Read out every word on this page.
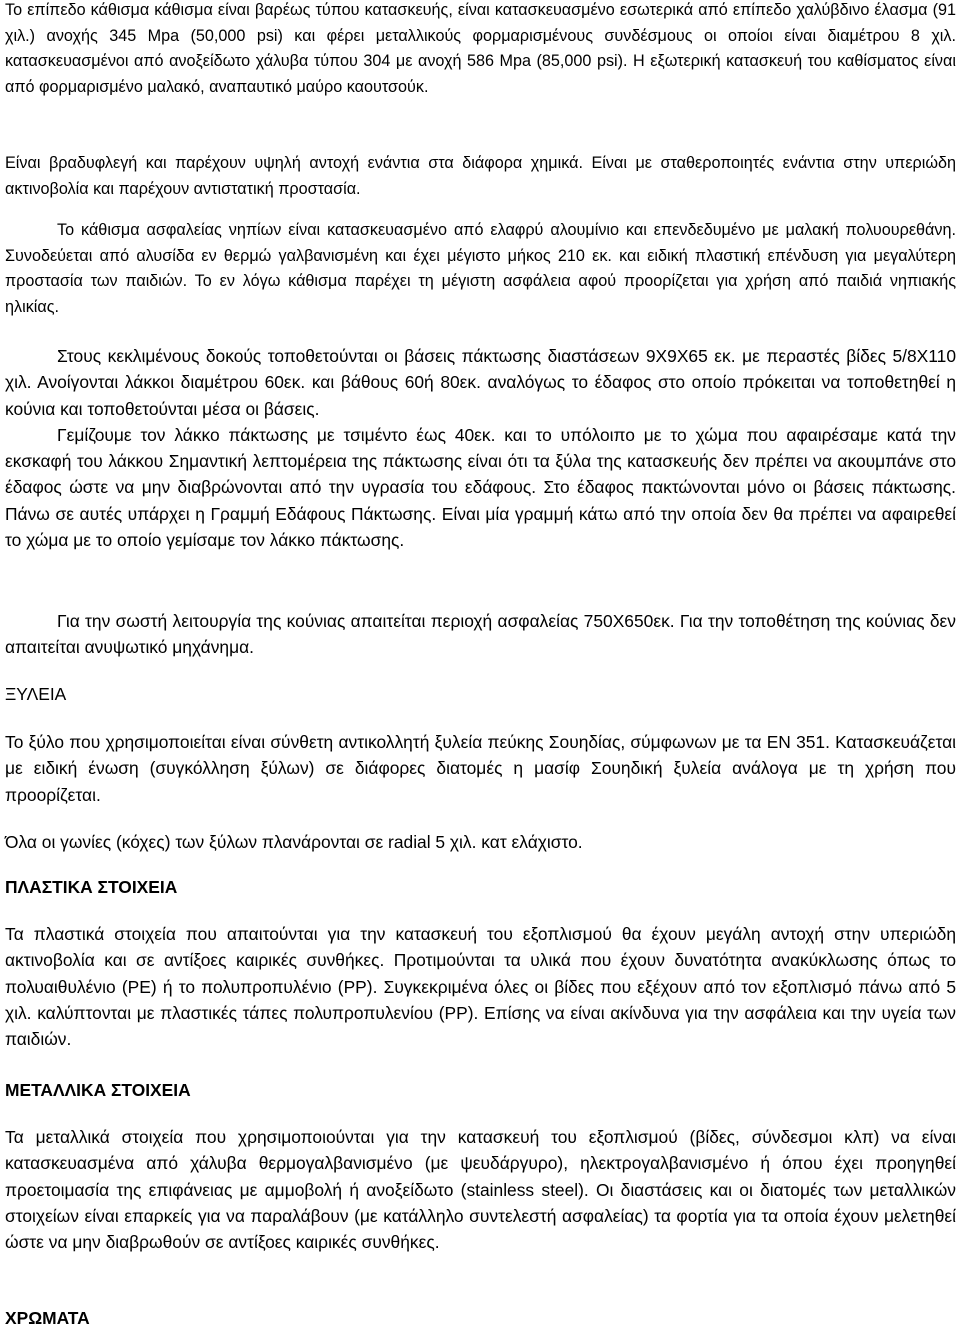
Το επίπεδο κάθισμα κάθισμα είναι βαρέως τύπου κατασκευής, είναι κατασκευασμένο εσωτερικά από επίπεδο χαλύβδινο έλασμα (91 χιλ.) ανοχής 345 Mpa (50,000 psi) και φέρει μεταλλικούς φορμαρισμένους συνδέσμους οι οποίοι είναι διαμέτρου 8 χιλ. κατασκευασμένοι από ανοξείδωτο χάλυβα τύπου 304 με ανοχή 586 Mpa (85,000 psi). Η εξωτερική κατασκευή του καθίσματος είναι από φορμαρισμένο μαλακό, αναπαυτικό μαύρο καουτσούκ.

Είναι βραδυφλεγή και παρέχουν υψηλή αντοχή ενάντια στα διάφορα χημικά. Είναι με σταθεροποιητές ενάντια στην υπεριώδη ακτινοβολία και παρέχουν αντιστατική προστασία.

Το κάθισμα ασφαλείας νηπίων είναι κατασκευασμένο από ελαφρύ αλουμίνιο και επενδεδυμένο με μαλακή πολυουρεθάνη. Συνοδεύεται από αλυσίδα εν θερμώ γαλβανισμένη και έχει μέγιστο μήκος 210 εκ. και ειδική πλαστική επένδυση για μεγαλύτερη προστασία των παιδιών. Το εν λόγω κάθισμα παρέχει τη μέγιστη ασφάλεια αφού προορίζεται για χρήση από παιδιά νηπιακής ηλικίας.

Στους κεκλιμένους δοκούς τοποθετούνται οι βάσεις πάκτωσης διαστάσεων 9Χ9Χ65 εκ. με περαστές βίδες 5/8Χ110 χιλ. Ανοίγονται λάκκοι διαμέτρου 60εκ. και βάθους 60ή 80εκ. αναλόγως το έδαφος στο οποίο πρόκειται να τοποθετηθεί η κούνια και τοποθετούνται μέσα οι βάσεις.
Γεμίζουμε τον λάκκο πάκτωσης με τσιμέντο έως 40εκ. και το υπόλοιπο με το χώμα που αφαιρέσαμε κατά την εκσκαφή του λάκκου Σημαντική λεπτομέρεια της πάκτωσης είναι ότι τα ξύλα της κατασκευής δεν πρέπει να ακουμπάνε στο έδαφος ώστε να μην διαβρώνονται από την υγρασία του εδάφους. Στο έδαφος πακτώνονται μόνο οι βάσεις πάκτωσης. Πάνω σε αυτές υπάρχει η Γραμμή Εδάφους Πάκτωσης. Είναι μία γραμμή κάτω από την οποία δεν θα πρέπει να αφαιρεθεί το χώμα με το οποίο γεμίσαμε τον λάκκο πάκτωσης.

Για την σωστή λειτουργία της κούνιας απαιτείται περιοχή ασφαλείας 750Χ650εκ. Για την τοποθέτηση της κούνιας δεν απαιτείται ανυψωτικό μηχάνημα.

ΞΥΛΕΙΑ

Το ξύλο που χρησιμοποιείται είναι σύνθετη αντικολλητή ξυλεία πεύκης Σουηδίας, σύμφωνων με τα ΕΝ 351. Κατασκευάζεται με ειδική ένωση (συγκόλληση ξύλων) σε διάφορες διατομές η μασίφ Σουηδική ξυλεία ανάλογα με τη χρήση που προορίζεται.

Όλα οι γωνίες (κόχες) των ξύλων πλανάρονται σε radial 5 χιλ. κατ ελάχιστο.

ΠΛΑΣΤΙΚΑ ΣΤΟΙΧΕΙΑ

Τα πλαστικά στοιχεία που απαιτούνται για την κατασκευή του εξοπλισμού θα έχουν μεγάλη αντοχή στην υπεριώδη ακτινοβολία και σε αντίξοες καιρικές συνθήκες. Προτιμούνται τα υλικά που έχουν δυνατότητα ανακύκλωσης όπως το πολυαιθυλένιο (ΡΕ) ή το πολυπροπυλένιο (ΡΡ). Συγκεκριμένα όλες οι βίδες που εξέχουν από τον εξοπλισμό πάνω από 5 χιλ. καλύπτονται με πλαστικές τάπες πολυπροπυλενίου (ΡΡ). Επίσης να είναι ακίνδυνα για την ασφάλεια και την υγεία των παιδιών.

ΜΕΤΑΛΛΙΚΑ ΣΤΟΙΧΕΙΑ

Τα μεταλλικά στοιχεία που χρησιμοποιούνται για την κατασκευή του εξοπλισμού (βίδες, σύνδεσμοι κλπ) να είναι κατασκευασμένα από χάλυβα θερμογαλβανισμένο (με ψευδάργυρο), ηλεκτρογαλβανισμένο ή όπου έχει προηγηθεί προετοιμασία της επιφάνειας με αμμοβολή ή ανοξείδωτο (stainless steel). Οι διαστάσεις και οι διατομές των μεταλλικών στοιχείων είναι επαρκείς για να παραλάβουν (με κατάλληλο συντελεστή ασφαλείας) τα φορτία για τα οποία έχουν μελετηθεί ώστε να μην διαβρωθούν σε αντίξοες καιρικές συνθήκες.

ΧΡΩΜΑΤΑ
